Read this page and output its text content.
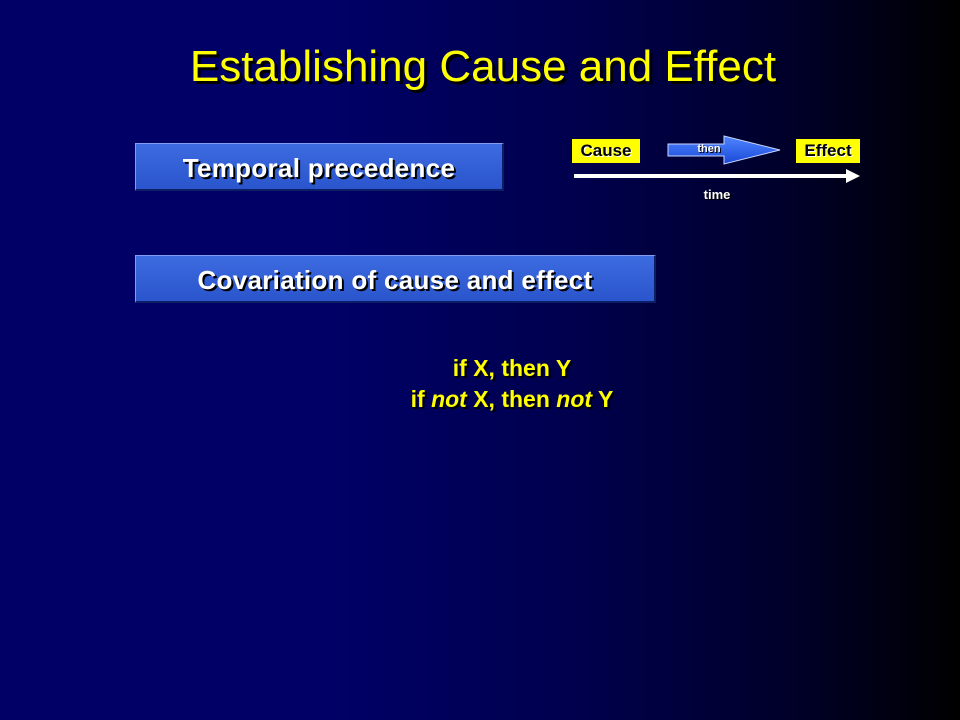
Establishing Cause and Effect
Temporal precedence
Cause	Effect
then
time
Covariation of cause and effect
if X, then Y
if not X, then not Y
